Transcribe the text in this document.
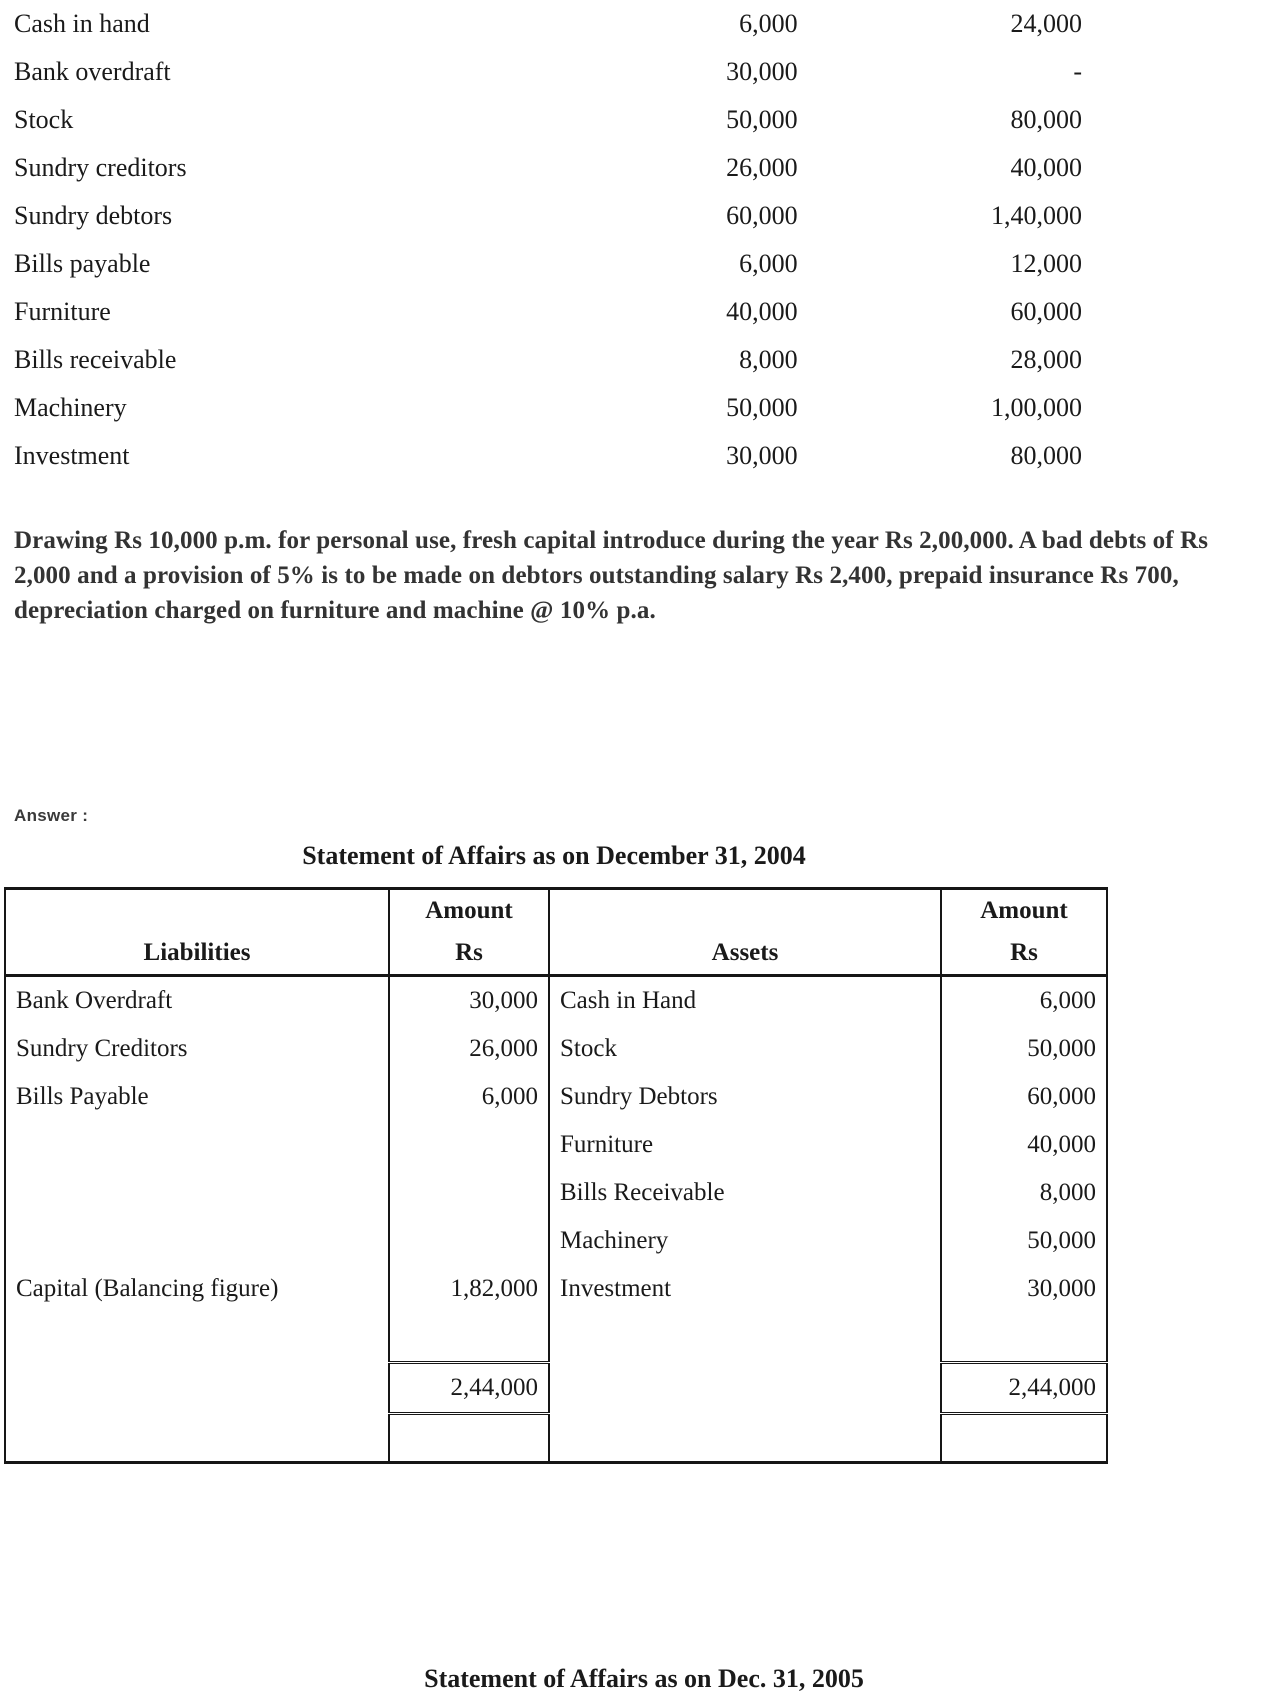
Cash in hand	6,000	24,000
Bank overdraft	30,000	-
Stock	50,000	80,000
Sundry creditors	26,000	40,000
Sundry debtors	60,000	1,40,000
Bills payable	6,000	12,000
Furniture	40,000	60,000
Bills receivable	8,000	28,000
Machinery	50,000	1,00,000
Investment	30,000	80,000
Drawing Rs 10,000 p.m. for personal use, fresh capital introduce during the year Rs 2,00,000. A bad debts of Rs 2,000 and a provision of 5% is to be made on debtors outstanding salary Rs 2,400, prepaid insurance Rs 700, depreciation charged on furniture and machine @ 10% p.a.
Answer :
Statement of Affairs as on December 31, 2004
	Amount		Amount
Liabilities	Rs	Assets	Rs
Bank Overdraft	30,000	Cash in Hand	6,000
Sundry Creditors	26,000	Stock	50,000
Bills Payable	6,000	Sundry Debtors	60,000
		Furniture	40,000
		Bills Receivable	8,000
		Machinery	50,000
Capital (Balancing figure)	1,82,000	Investment	30,000

	2,44,000		2,44,000

Statement of Affairs as on Dec. 31, 2005
